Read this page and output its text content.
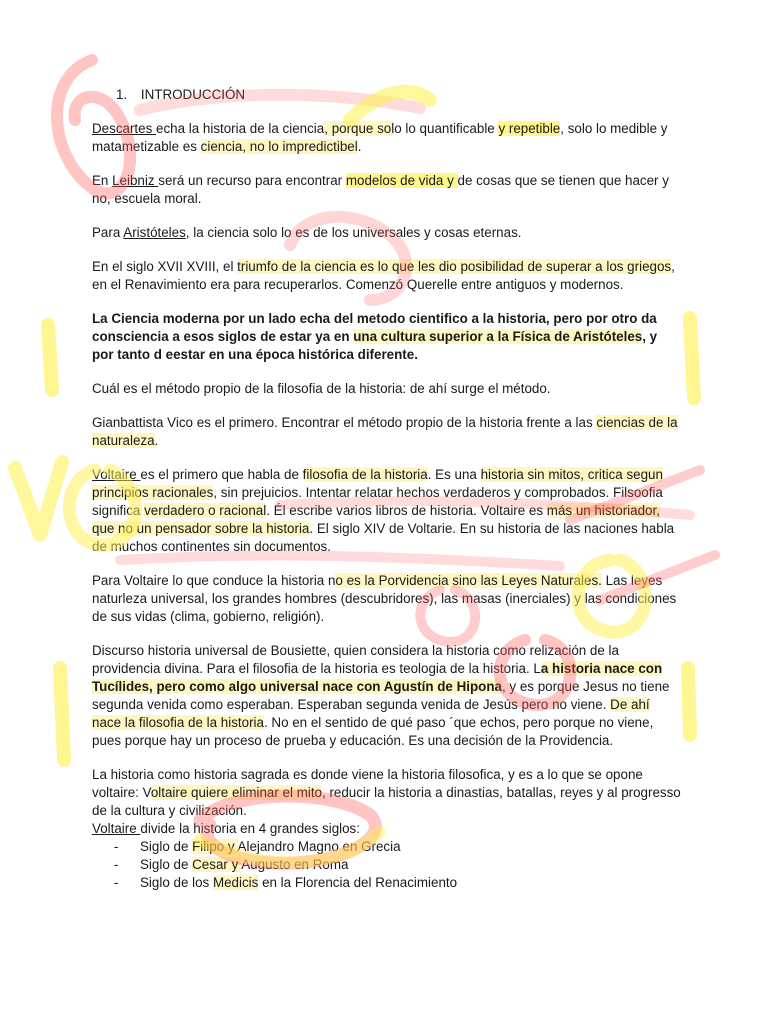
1. INTRODUCCIÓN

Descartes echa la historia de la ciencia, porque solo lo quantificable y repetible, solo lo medible y matametizable es ciencia, no lo impredictibel.

En Leibniz será un recurso para encontrar modelos de vida y de cosas que se tienen que hacer y no, escuela moral.

Para Aristóteles, la ciencia solo lo es de los universales y cosas eternas.

En el siglo XVII XVIII, el triumfo de la ciencia es lo que les dio posibilidad de superar a los griegos, en el Renavimiento era para recuperarlos. Comenzó Querelle entre antiguos y modernos.

La Ciencia moderna por un lado echa del metodo cientifico a la historia, pero por otro da consciencia a esos siglos de estar ya en una cultura superior a la Física de Aristóteles, y por tanto d eestar en una época histórica diferente.

Cuál es el método propio de la filosofia de la historia: de ahí surge el método.

Gianbattista Vico es el primero. Encontrar el método propio de la historia frente a las ciencias de la naturaleza.

Voltaire es el primero que habla de filosofia de la historia. Es una historia sin mitos, critica segun principios racionales, sin prejuicios. Intentar relatar hechos verdaderos y comprobados. Filsoofia significa verdadero o racional. Él escribe varios libros de historia. Voltaire es más un historiador, que no un pensador sobre la historia. El siglo XIV de Voltarie. En su historia de las naciones habla de muchos continentes sin documentos.

Para Voltaire lo que conduce la historia no es la Porvidencia sino las Leyes Naturales. Las leyes naturleza universal, los grandes hombres (descubridores), las masas (inerciales) y las condiciones de sus vidas (clima, gobierno, religión).

Discurso historia universal de Bousiette, quien considera la historia como relización de la providencia divina. Para el filosofia de la historia es teologia de la historia. La historia nace con Tucílides, pero como algo universal nace con Agustín de Hipona, y es porque Jesus no tiene segunda venida como esperaban. Esperaban segunda venida de Jesús pero no viene. De ahí nace la filosofia de la historia. No en el sentido de qué paso ´que echos, pero porque no viene, pues porque hay un proceso de prueba y educación. Es una decisión de la Providencia.

La historia como historia sagrada es donde viene la historia filosofica, y es a lo que se opone voltaire: Voltaire quiere eliminar el mito, reducir la historia a dinastias, batallas, reyes y al progresso de la cultura y civilización.
Voltaire divide la historia en 4 grandes siglos:

- Siglo de Filipo y Alejandro Magno en Grecia
- Siglo de Cesar y Augusto en Roma
- Siglo de los Medicis en la Florencia del Renacimiento
